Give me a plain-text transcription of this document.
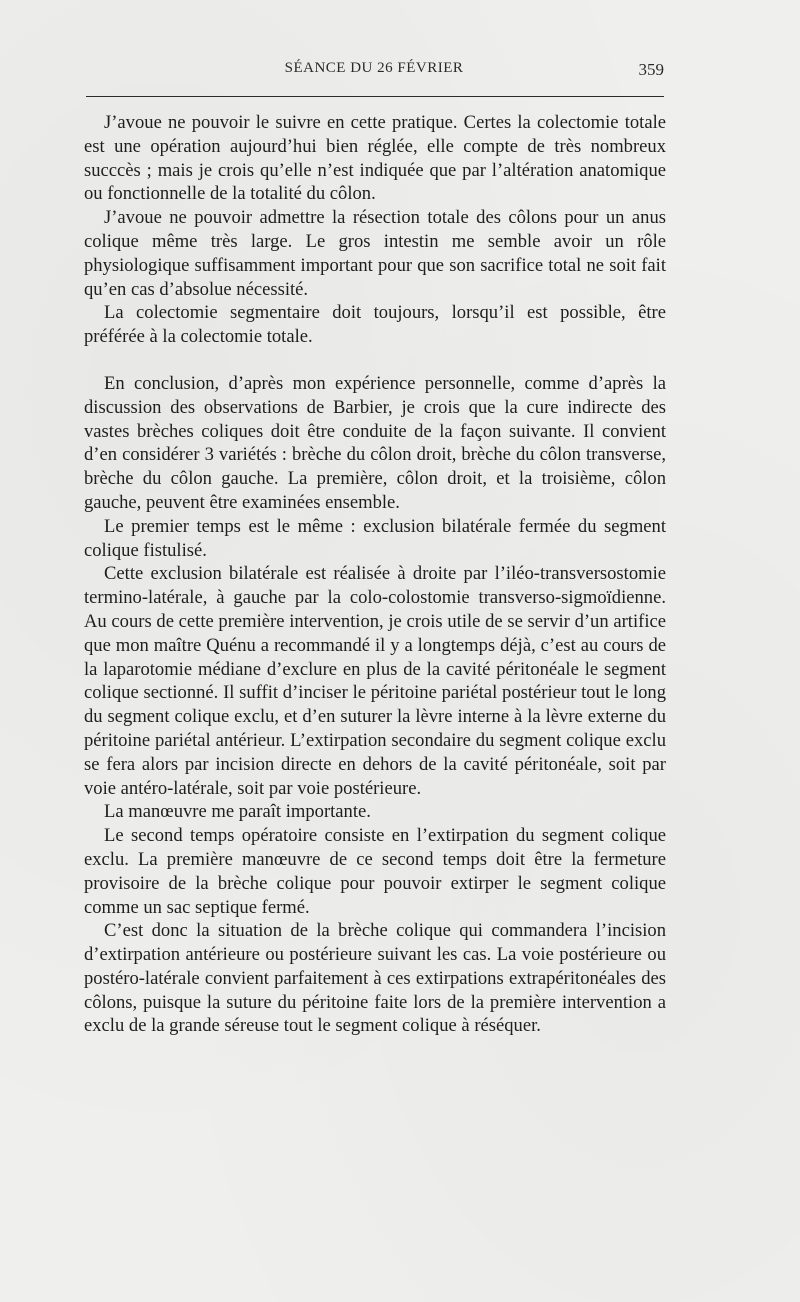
SÉANCE DU 26 FÉVRIER	359

J’avoue ne pouvoir le suivre en cette pratique. Certes la colectomie totale est une opération aujourd’hui bien réglée, elle compte de très nombreux succcès ; mais je crois qu’elle n’est indiquée que par l’altération anatomique ou fonctionnelle de la totalité du côlon.

J’avoue ne pouvoir admettre la résection totale des côlons pour un anus colique même très large. Le gros intestin me semble avoir un rôle physiologique suffisamment important pour que son sacrifice total ne soit fait qu’en cas d’absolue nécessité.

La colectomie segmentaire doit toujours, lorsqu’il est possible, être préférée à la colectomie totale.

En conclusion, d’après mon expérience personnelle, comme d’après la discussion des observations de Barbier, je crois que la cure indirecte des vastes brèches coliques doit être conduite de la façon suivante. Il convient d’en considérer 3 variétés : brèche du côlon droit, brèche du côlon transverse, brèche du côlon gauche. La première, côlon droit, et la troisième, côlon gauche, peuvent être examinées ensemble.

Le premier temps est le même : exclusion bilatérale fermée du segment colique fistulisé.

Cette exclusion bilatérale est réalisée à droite par l’iléo-transversostomie termino-latérale, à gauche par la colo-colostomie transverso-sigmoïdienne. Au cours de cette première intervention, je crois utile de se servir d’un artifice que mon maître Quénu a recommandé il y a longtemps déjà, c’est au cours de la laparotomie médiane d’exclure en plus de la cavité péritonéale le segment colique sectionné. Il suffit d’inciser le péritoine pariétal postérieur tout le long du segment colique exclu, et d’en suturer la lèvre interne à la lèvre externe du péritoine pariétal antérieur. L’extirpation secondaire du segment colique exclu se fera alors par incision directe en dehors de la cavité péritonéale, soit par voie antéro-latérale, soit par voie postérieure.

La manœuvre me paraît importante.

Le second temps opératoire consiste en l’extirpation du segment colique exclu. La première manœuvre de ce second temps doit être la fermeture provisoire de la brèche colique pour pouvoir extirper le segment colique comme un sac septique fermé.

C’est donc la situation de la brèche colique qui commandera l’incision d’extirpation antérieure ou postérieure suivant les cas. La voie postérieure ou postéro-latérale convient parfaitement à ces extirpations extrapéritonéales des côlons, puisque la suture du péritoine faite lors de la première intervention a exclu de la grande séreuse tout le segment colique à réséquer.
